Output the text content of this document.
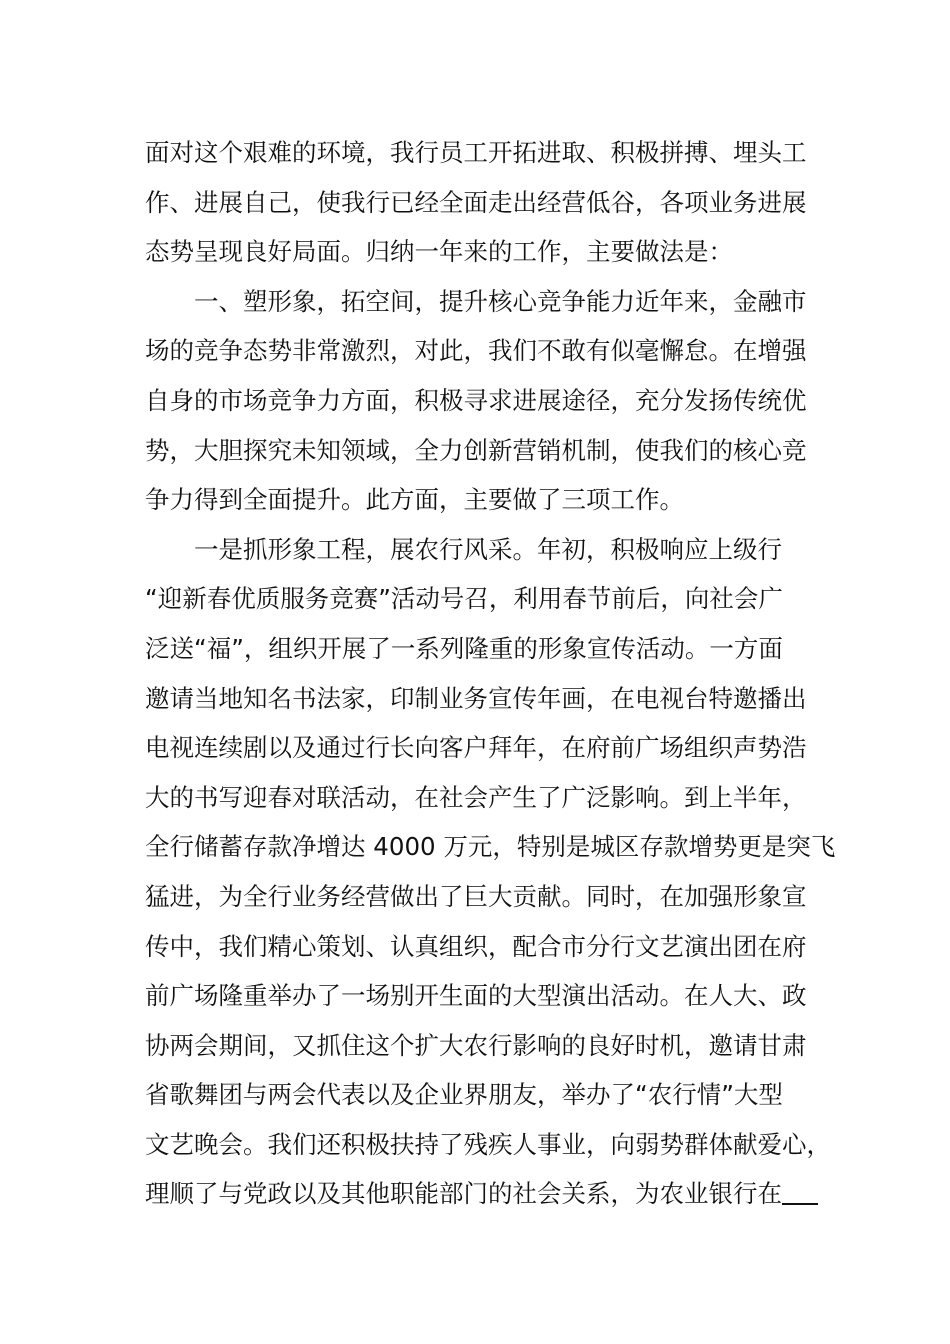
面对这个艰难的环境，我行员工开拓进取、积极拼搏、埋头工
作、进展自己，使我行已经全面走出经营低谷，各项业务进展
态势呈现良好局面。归纳一年来的工作，主要做法是：
一、塑形象，拓空间，提升核心竞争能力近年来，金融市
场的竞争态势非常激烈，对此，我们不敢有似毫懈怠。在增强
自身的市场竞争力方面，积极寻求进展途径，充分发扬传统优
势，大胆探究未知领域，全力创新营销机制，使我们的核心竞
争力得到全面提升。此方面，主要做了三项工作。
一是抓形象工程，展农行风采。年初，积极响应上级行
“迎新春优质服务竞赛”活动号召，利用春节前后，向社会广
泛送“福”，组织开展了一系列隆重的形象宣传活动。一方面
邀请当地知名书法家，印制业务宣传年画，在电视台特邀播出
电视连续剧以及通过行长向客户拜年，在府前广场组织声势浩
大的书写迎春对联活动，在社会产生了广泛影响。到上半年，
全行储蓄存款净增达 4000 万元，特别是城区存款增势更是突飞
猛进，为全行业务经营做出了巨大贡献。同时，在加强形象宣
传中，我们精心策划、认真组织，配合市分行文艺演出团在府
前广场隆重举办了一场别开生面的大型演出活动。在人大、政
协两会期间，又抓住这个扩大农行影响的良好时机，邀请甘肃
省歌舞团与两会代表以及企业界朋友，举办了“农行情”大型
文艺晚会。我们还积极扶持了残疾人事业，向弱势群体献爱心，
理顺了与党政以及其他职能部门的社会关系，为农业银行在
